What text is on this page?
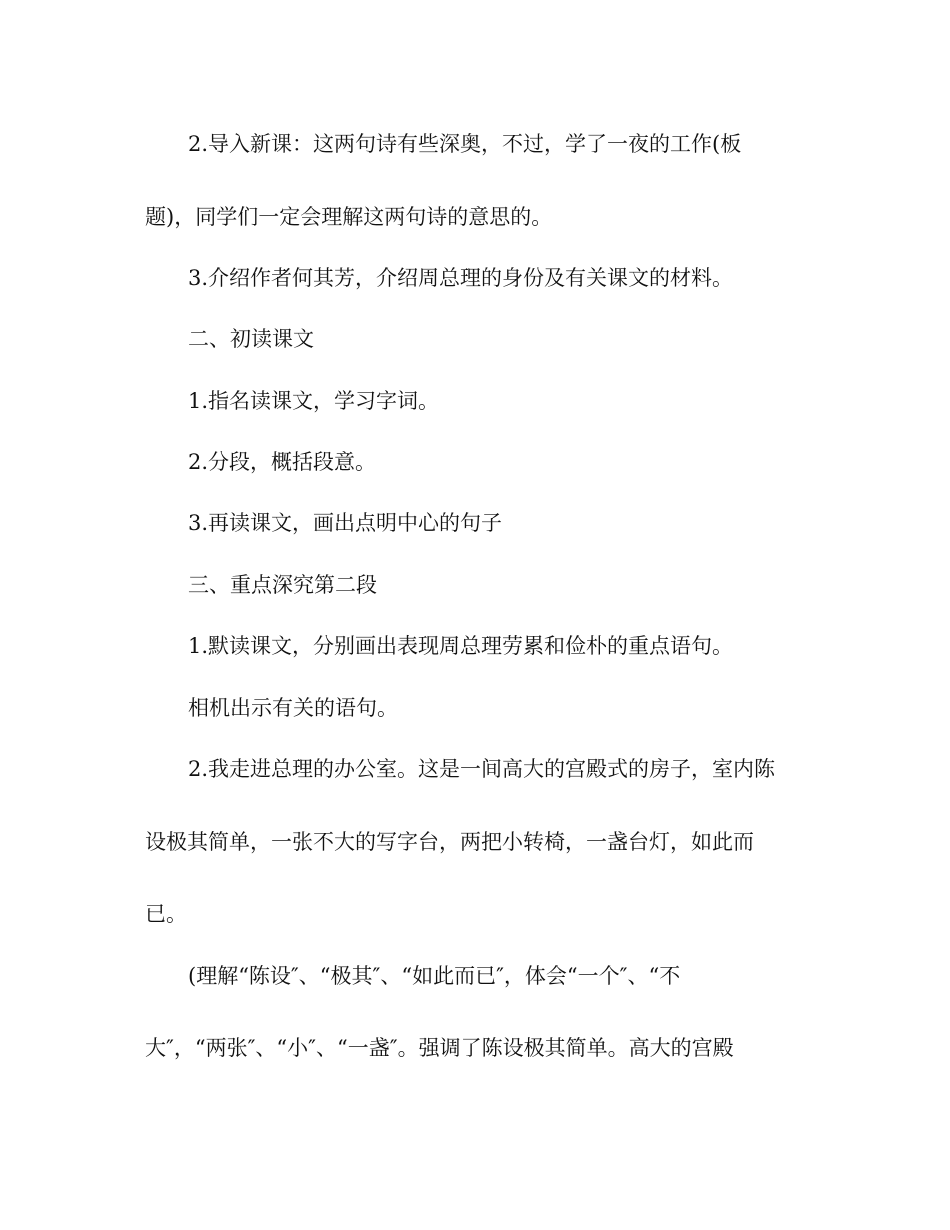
2.导入新课：这两句诗有些深奥，不过，学了一夜的工作(板
题)，同学们一定会理解这两句诗的意思的。
3.介绍作者何其芳，介绍周总理的身份及有关课文的材料。
二、初读课文
1.指名读课文，学习字词。
2.分段，概括段意。
3.再读课文，画出点明中心的句子
三、重点深究第二段
1.默读课文，分别画出表现周总理劳累和俭朴的重点语句。
相机出示有关的语句。
2.我走进总理的办公室。这是一间高大的宫殿式的房子，室内陈
设极其简单，一张不大的写字台，两把小转椅，一盏台灯，如此而
已。
(理解“陈设″、“极其″、“如此而已″，体会“一个″、“不
大″，“两张″、“小″、“一盏″。强调了陈设极其简单。高大的宫殿
